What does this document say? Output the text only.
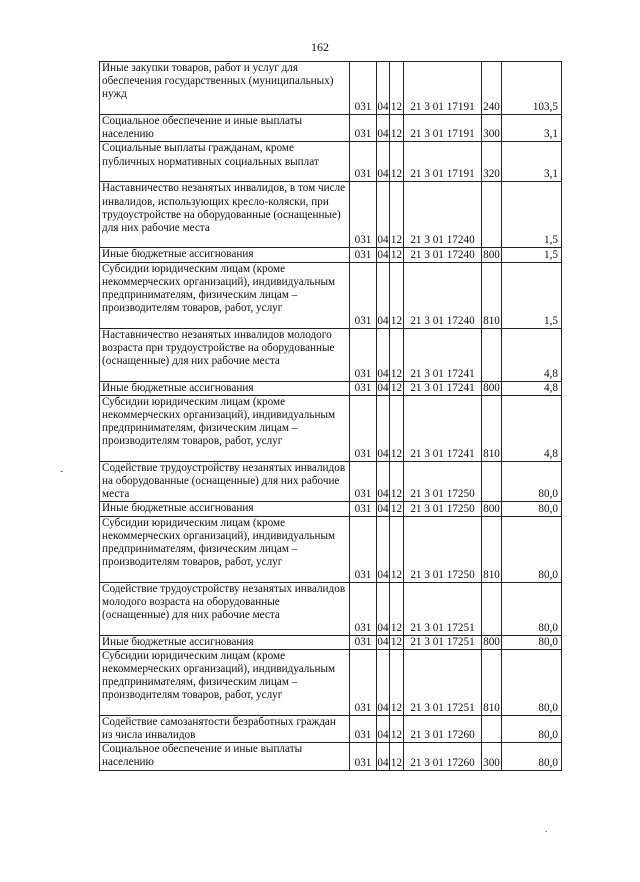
162
Иные закупки товаров, работ и услуг для обеспечения государственных (муниципальных) нужд	031	04	12	21 3 01 17191	240	103,5
Социальное обеспечение и иные выплаты населению	031	04	12	21 3 01 17191	300	3,1
Социальные выплаты гражданам, кроме публичных нормативных социальных выплат	031	04	12	21 3 01 17191	320	3,1
Наставничество незанятых инвалидов, в том числе инвалидов, использующих кресло-коляски, при трудоустройстве на оборудованные (оснащенные) для них рабочие места	031	04	12	21 3 01 17240		1,5
Иные бюджетные ассигнования	031	04	12	21 3 01 17240	800	1,5
Субсидии юридическим лицам (кроме некоммерческих организаций), индивидуальным предпринимателям, физическим лицам – производителям товаров, работ, услуг	031	04	12	21 3 01 17240	810	1,5
Наставничество незанятых инвалидов молодого возраста при трудоустройстве на оборудованные (оснащенные) для них рабочие места	031	04	12	21 3 01 17241		4,8
Иные бюджетные ассигнования	031	04	12	21 3 01 17241	800	4,8
Субсидии юридическим лицам (кроме некоммерческих организаций), индивидуальным предпринимателям, физическим лицам – производителям товаров, работ, услуг	031	04	12	21 3 01 17241	810	4,8
Содействие трудоустройству незанятых инвалидов на оборудованные (оснащенные) для них рабочие места	031	04	12	21 3 01 17250		80,0
Иные бюджетные ассигнования	031	04	12	21 3 01 17250	800	80,0
Субсидии юридическим лицам (кроме некоммерческих организаций), индивидуальным предпринимателям, физическим лицам – производителям товаров, работ, услуг	031	04	12	21 3 01 17250	810	80,0
Содействие трудоустройству незанятых инвалидов молодого возраста на оборудованные (оснащенные) для них рабочие места	031	04	12	21 3 01 17251		80,0
Иные бюджетные ассигнования	031	04	12	21 3 01 17251	800	80,0
Субсидии юридическим лицам (кроме некоммерческих организаций), индивидуальным предпринимателям, физическим лицам – производителям товаров, работ, услуг	031	04	12	21 3 01 17251	810	80,0
Содействие самозанятости безработных граждан из числа инвалидов	031	04	12	21 3 01 17260		80,0
Социальное обеспечение и иные выплаты населению	031	04	12	21 3 01 17260	300	80,0
-
.
